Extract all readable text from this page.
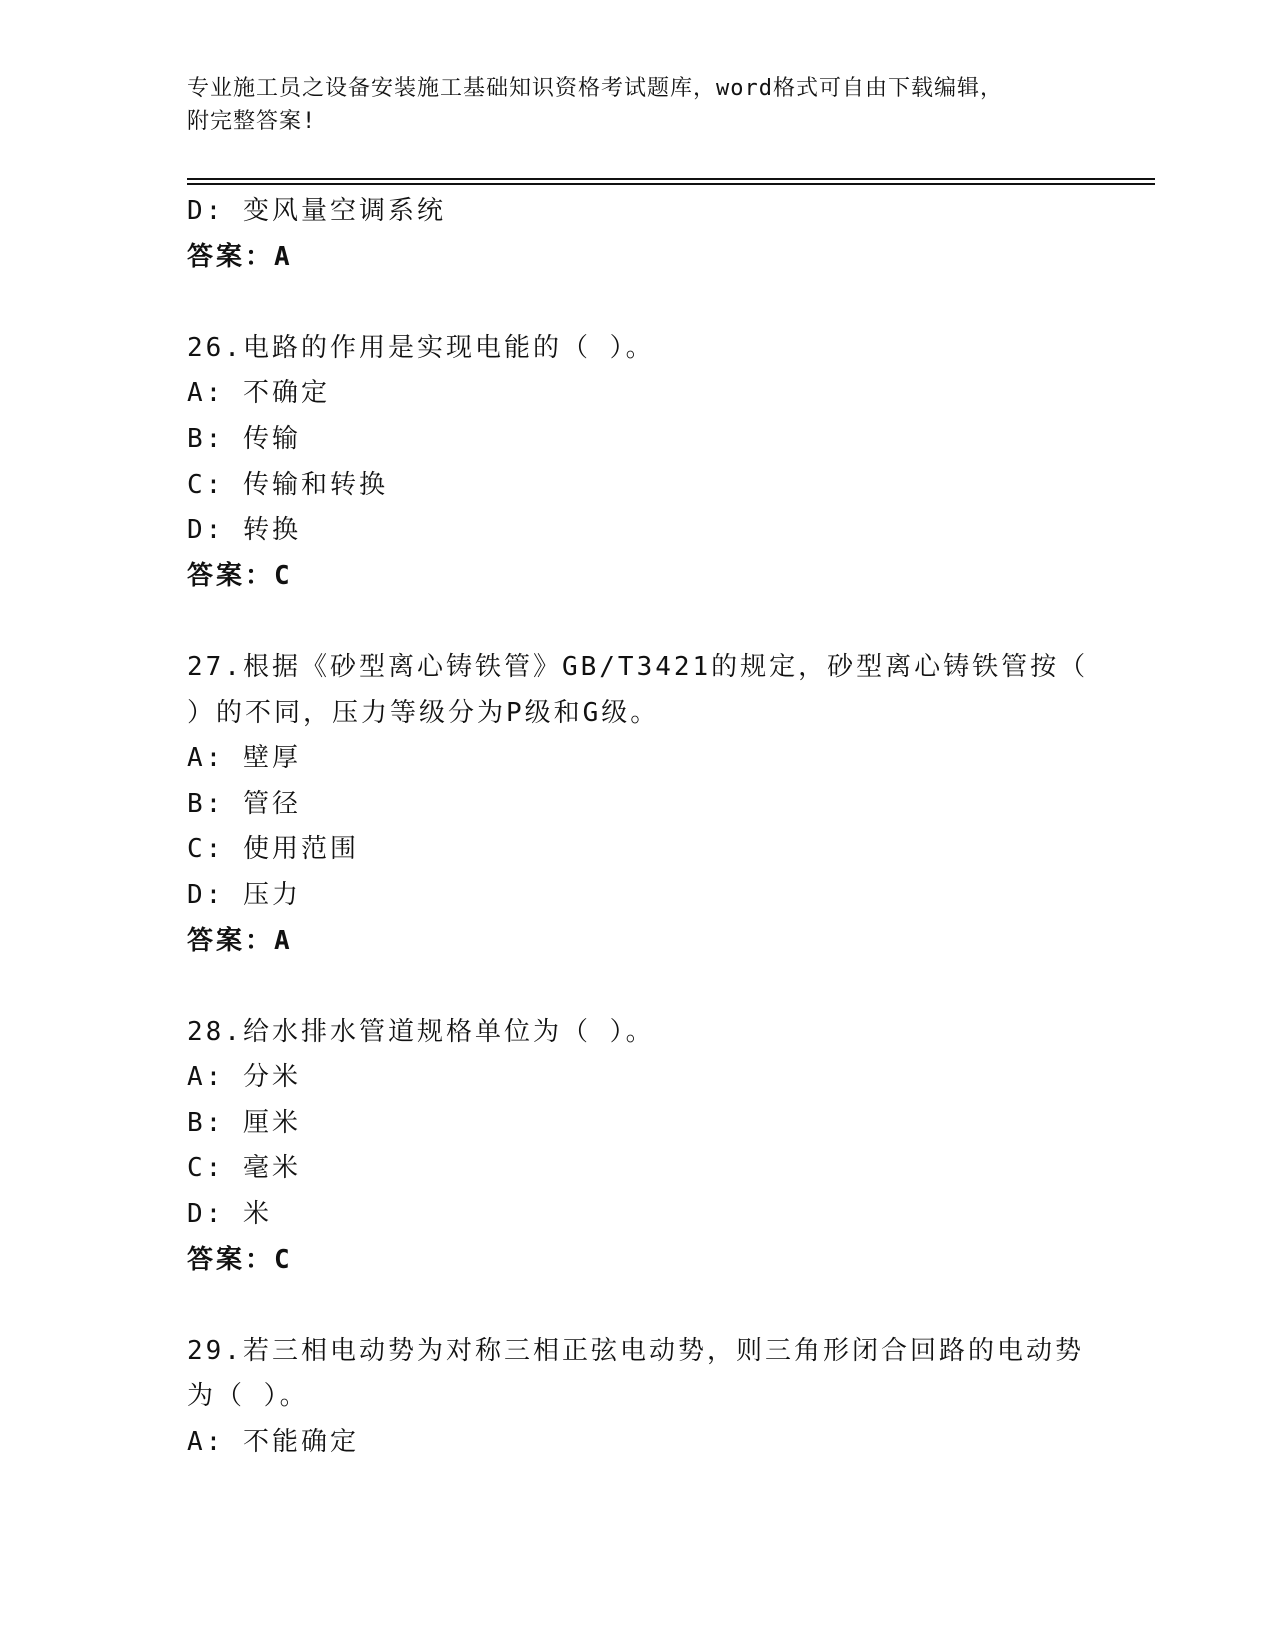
专业施工员之设备安装施工基础知识资格考试题库，word格式可自由下载编辑，
附完整答案!
D: 变风量空调系统
答案：A
26.电路的作用是实现电能的（ ）。
A: 不确定
B: 传输
C: 传输和转换
D: 转换
答案：C
27.根据《砂型离心铸铁管》GB/T3421的规定，砂型离心铸铁管按（
）的不同，压力等级分为P级和G级。
A: 壁厚
B: 管径
C: 使用范围
D: 压力
答案：A
28.给水排水管道规格单位为（ ）。
A: 分米
B: 厘米
C: 毫米
D: 米
答案：C
29.若三相电动势为对称三相正弦电动势，则三角形闭合回路的电动势
为（ ）。
A: 不能确定
